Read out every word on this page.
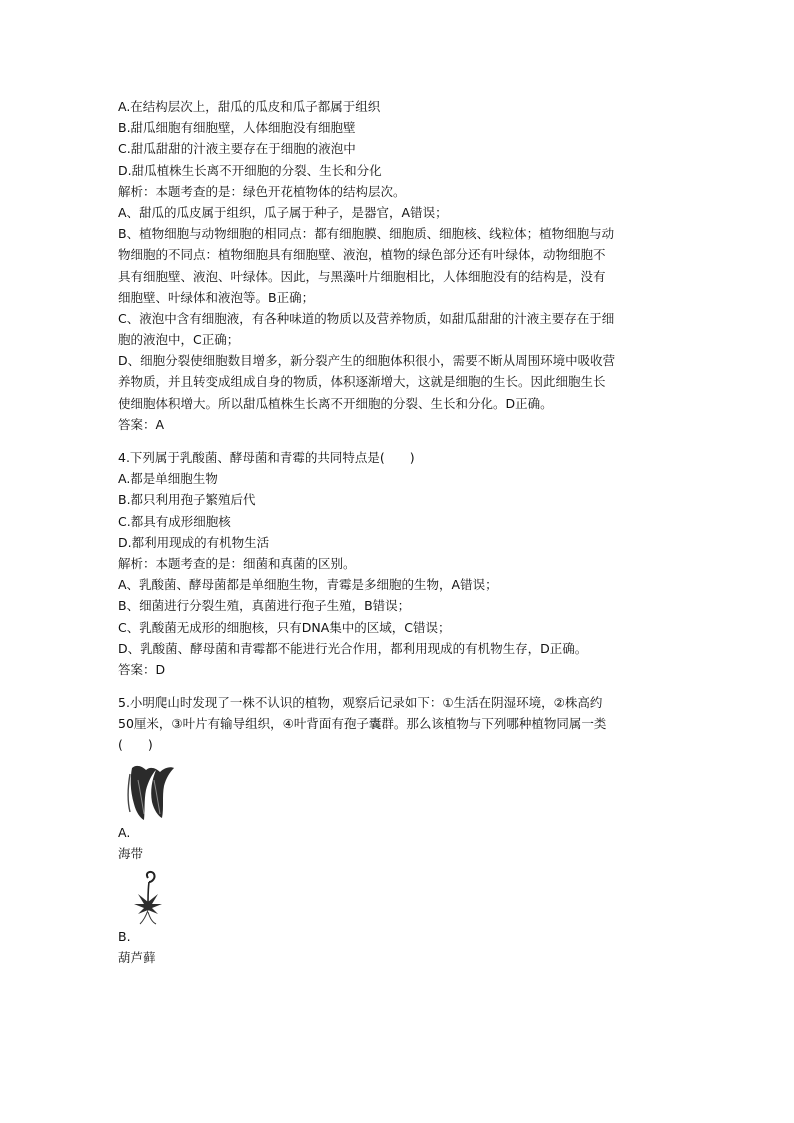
A.在结构层次上，甜瓜的瓜皮和瓜子都属于组织
B.甜瓜细胞有细胞壁，人体细胞没有细胞壁
C.甜瓜甜甜的汁液主要存在于细胞的液泡中
D.甜瓜植株生长离不开细胞的分裂、生长和分化
解析：本题考查的是：绿色开花植物体的结构层次。
A、甜瓜的瓜皮属于组织，瓜子属于种子，是器官，A错误；
B、植物细胞与动物细胞的相同点：都有细胞膜、细胞质、细胞核、线粒体；植物细胞与动
物细胞的不同点：植物细胞具有细胞壁、液泡，植物的绿色部分还有叶绿体，动物细胞不
具有细胞壁、液泡、叶绿体。因此，与黑藻叶片细胞相比，人体细胞没有的结构是，没有
细胞壁、叶绿体和液泡等。B正确；
C、液泡中含有细胞液，有各种味道的物质以及营养物质，如甜瓜甜甜的汁液主要存在于细
胞的液泡中，C正确；
D、细胞分裂使细胞数目增多，新分裂产生的细胞体积很小，需要不断从周围环境中吸收营
养物质，并且转变成组成自身的物质，体积逐渐增大，这就是细胞的生长。因此细胞生长
使细胞体积增大。所以甜瓜植株生长离不开细胞的分裂、生长和分化。D正确。
答案：A
4.下列属于乳酸菌、酵母菌和青霉的共同特点是(　　)
A.都是单细胞生物
B.都只利用孢子繁殖后代
C.都具有成形细胞核
D.都利用现成的有机物生活
解析：本题考查的是：细菌和真菌的区别。
A、乳酸菌、酵母菌都是单细胞生物，青霉是多细胞的生物，A错误；
B、细菌进行分裂生殖，真菌进行孢子生殖，B错误；
C、乳酸菌无成形的细胞核，只有DNA集中的区域，C错误；
D、乳酸菌、酵母菌和青霉都不能进行光合作用，都利用现成的有机物生存，D正确。
答案：D
5.小明爬山时发现了一株不认识的植物，观察后记录如下：①生活在阴湿环境，②株高约
50厘米，③叶片有输导组织，④叶背面有孢子囊群。那么该植物与下列哪种植物同属一类
(　　)
A.
海带
B.
葫芦藓
